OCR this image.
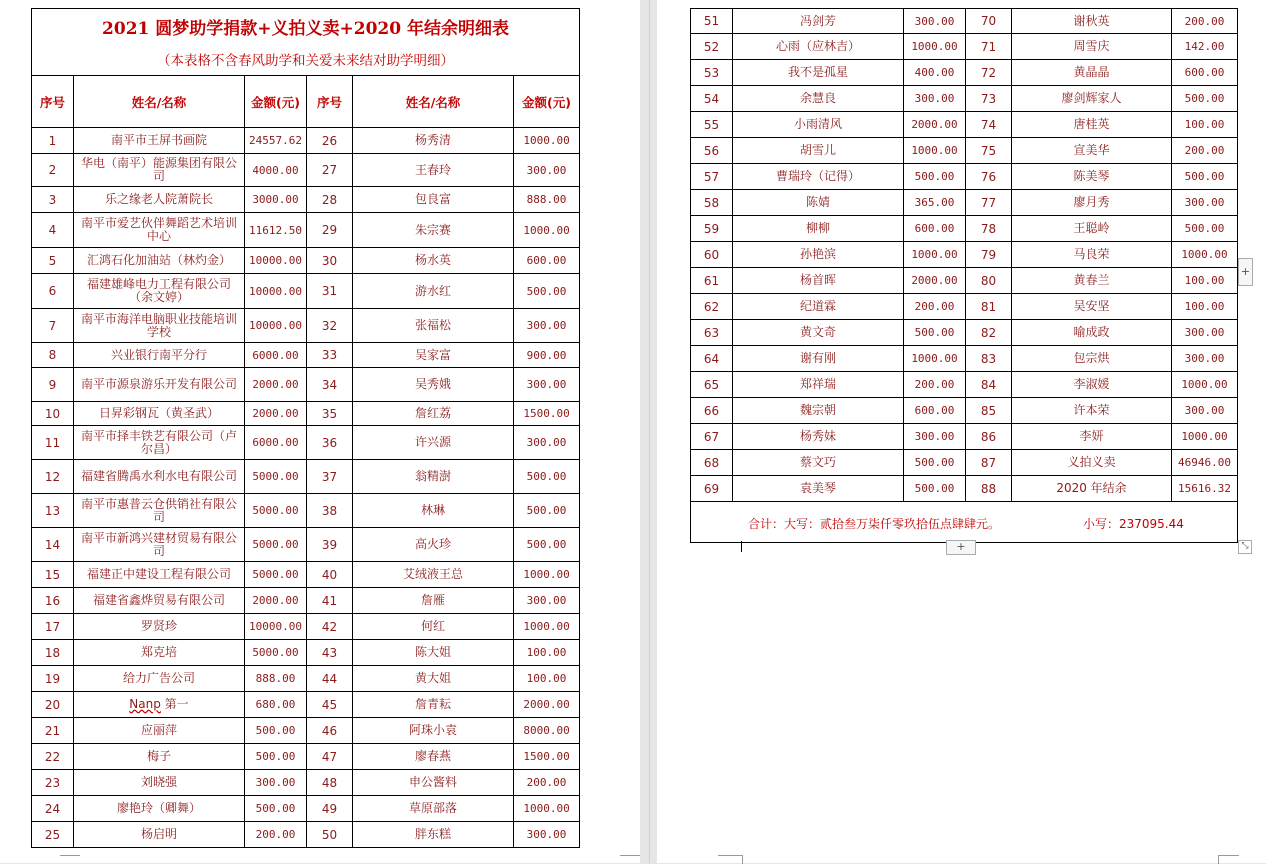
2021 圆梦助学捐款+义拍义卖+2020 年结余明细表					
（本表格不含春风助学和关爱未来结对助学明细）					
序号	姓名/名称	金额(元)	序号	姓名/名称	金额(元)
1	南平市王屏书画院	24557.62	26	杨秀清	1000.00
2	华电（南平）能源集团有限公司	4000.00	27	王春玲	300.00
3	乐之缘老人院萧院长	3000.00	28	包良富	888.00
4	南平市爱艺伙伴舞蹈艺术培训中心	11612.50	29	朱宗赛	1000.00
5	汇鸿石化加油站（林灼金）	10000.00	30	杨水英	600.00
6	福建雄峰电力工程有限公司（余文婷）	10000.00	31	游水红	500.00
7	南平市海洋电脑职业技能培训学校	10000.00	32	张福松	300.00
8	兴业银行南平分行	6000.00	33	吴家富	900.00
9	南平市源泉游乐开发有限公司	2000.00	34	吴秀娥	300.00
10	日昇彩钢瓦（黄圣武）	2000.00	35	詹红荔	1500.00
11	南平市择丰铁艺有限公司（卢尔昌）	6000.00	36	许兴源	300.00
12	福建省腾禹水利水电有限公司	5000.00	37	翁精澍	500.00
13	南平市惠普云仓供销社有限公司	5000.00	38	林琳	500.00
14	南平市新鸿兴建材贸易有限公司	5000.00	39	高火珍	500.00
15	福建正中建设工程有限公司	5000.00	40	艾绒液王总	1000.00
16	福建省鑫烨贸易有限公司	2000.00	41	詹雁	300.00
17	罗贤珍	10000.00	42	何红	1000.00
18	郑克培	5000.00	43	陈大姐	100.00
19	给力广告公司	888.00	44	黄大姐	100.00
20	Nanp 第一	680.00	45	詹青耘	2000.00
21	应丽萍	500.00	46	阿珠小袁	8000.00
22	梅子	500.00	47	廖春燕	1500.00
23	刘晓强	300.00	48	申公酱料	200.00
24	廖艳玲（卿舞）	500.00	49	草原部落	1000.00
25	杨启明	200.00	50	胖东糕	300.00
51	冯剑芳	300.00	70	谢秋英	200.00
52	心雨（应林吉）	1000.00	71	周雪庆	142.00
53	我不是孤星	400.00	72	黄晶晶	600.00
54	余慧良	300.00	73	廖剑辉家人	500.00
55	小雨清风	2000.00	74	唐桂英	100.00
56	胡雪儿	1000.00	75	宣美华	200.00
57	曹瑞玲（记得）	500.00	76	陈美琴	500.00
58	陈婧	365.00	77	廖月秀	300.00
59	柳柳	600.00	78	王聪岭	500.00
60	孙艳滨	1000.00	79	马良荣	1000.00
61	杨首晖	2000.00	80	黄春兰	100.00
62	纪道霖	200.00	81	吴安坚	100.00
63	黄文奇	500.00	82	喻成政	300.00
64	谢有刚	1000.00	83	包宗烘	300.00
65	郑祥瑞	200.00	84	李淑媛	1000.00
66	魏宗朝	600.00	85	许本荣	300.00
67	杨秀妹	300.00	86	李妍	1000.00
68	蔡文巧	500.00	87	义拍义卖	46946.00
69	袁美琴	500.00	88	2020 年结余	15616.32

合计：大写：贰拾叁万柒仟零玖拾伍点肆肆元。 小写：237095.44					
+
+
⤡
